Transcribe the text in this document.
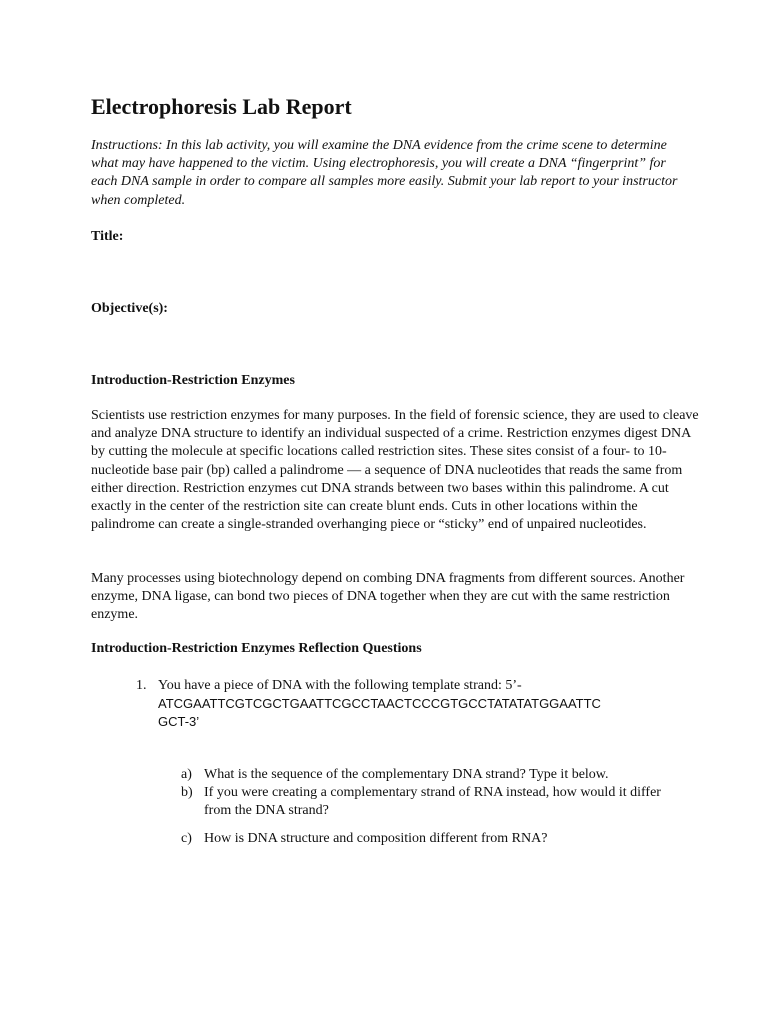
Electrophoresis Lab Report
Instructions: In this lab activity, you will examine the DNA evidence from the crime scene to determine what may have happened to the victim. Using electrophoresis, you will create a DNA “fingerprint” for each DNA sample in order to compare all samples more easily. Submit your lab report to your instructor when completed.
Title:
Objective(s):
Introduction-Restriction Enzymes
Scientists use restriction enzymes for many purposes. In the field of forensic science, they are used to cleave and analyze DNA structure to identify an individual suspected of a crime. Restriction enzymes digest DNA by cutting the molecule at specific locations called restriction sites. These sites consist of a four- to 10-nucleotide base pair (bp) called a palindrome — a sequence of DNA nucleotides that reads the same from either direction. Restriction enzymes cut DNA strands between two bases within this palindrome. A cut exactly in the center of the restriction site can create blunt ends. Cuts in other locations within the palindrome can create a single-stranded overhanging piece or “sticky” end of unpaired nucleotides.
Many processes using biotechnology depend on combing DNA fragments from different sources. Another enzyme, DNA ligase, can bond two pieces of DNA together when they are cut with the same restriction enzyme.
Introduction-Restriction Enzymes Reflection Questions
1. You have a piece of DNA with the following template strand: 5’-
ATCGAATTCGTCGCTGAATTCGCCTAACTCCCGTGCCTATATATGGAATTC
GCT-3’
a) What is the sequence of the complementary DNA strand? Type it below.
b) If you were creating a complementary strand of RNA instead, how would it differ from the DNA strand?
c) How is DNA structure and composition different from RNA?
